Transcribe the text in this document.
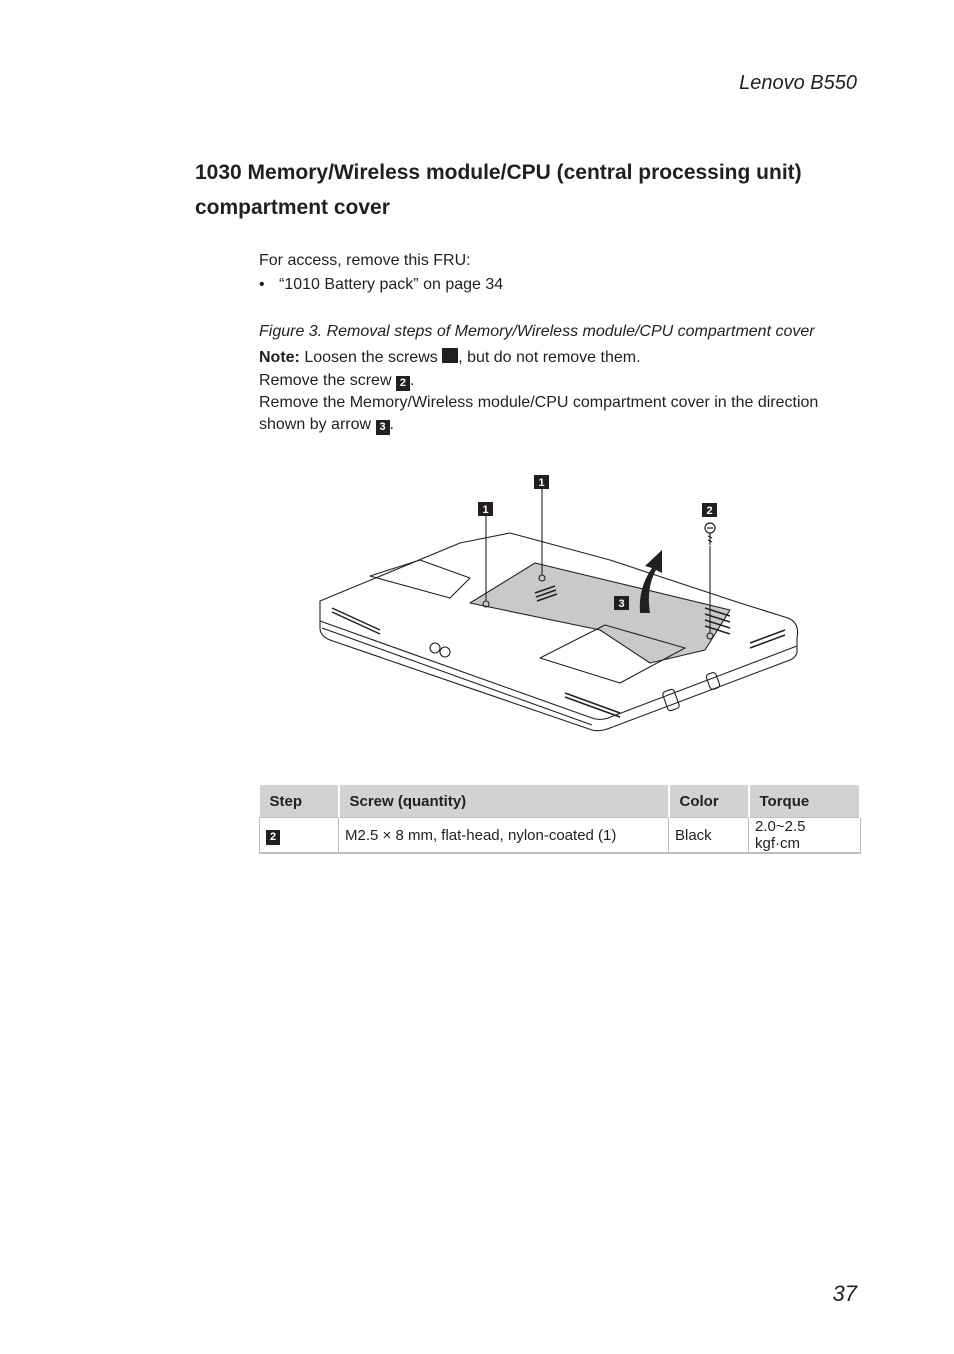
Lenovo B550
1030 Memory/Wireless module/CPU (central processing unit)
compartment cover
For access, remove this FRU:
• “1010 Battery pack” on page 34
Figure 3. Removal steps of Memory/Wireless module/CPU compartment cover
Note: Loosen the screws , but do not remove them.
Remove the screw 2 .
Remove the Memory/Wireless module/CPU compartment cover in the direction
shown by arrow 3 .
1
1
2
3
Step	Screw (quantity)	Color	Torque
2	M2.5 × 8 mm, flat-head, nylon-coated (1)	Black	2.0~2.5 kgf·cm
37
